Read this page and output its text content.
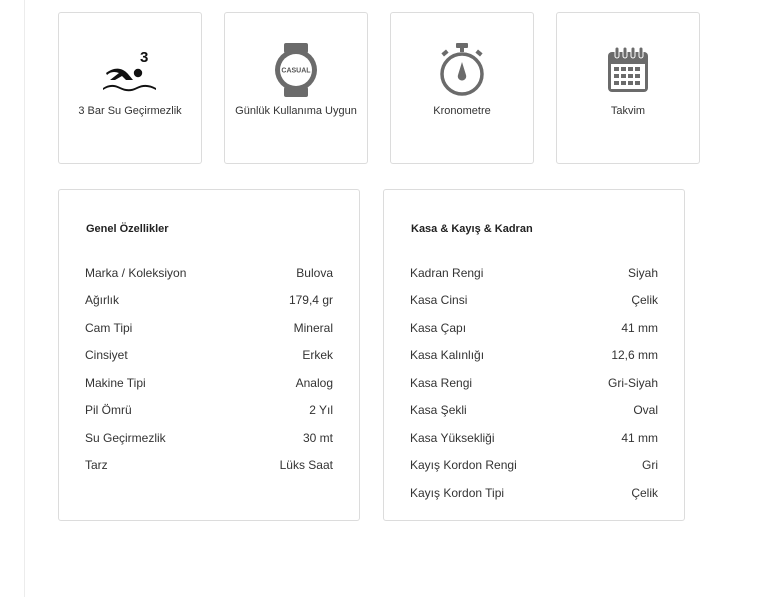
3
3 Bar Su Geçirmezlik
CASUAL
Günlük Kullanıma Uygun	Kronometre	Takvim
Genel Özellikler
Marka / Koleksiyon	Bulova
Ağırlık	179,4 gr
Cam Tipi	Mineral
Cinsiyet	Erkek
Makine Tipi	Analog
Pil Ömrü	2 Yıl
Su Geçirmezlik	30 mt
Tarz	Lüks Saat
Kasa & Kayış & Kadran
Kadran Rengi	Siyah
Kasa Cinsi	Çelik
Kasa Çapı	41 mm
Kasa Kalınlığı	12,6 mm
Kasa Rengi	Gri-Siyah
Kasa Şekli	Oval
Kasa Yüksekliği	41 mm
Kayış Kordon Rengi	Gri
Kayış Kordon Tipi	Çelik
